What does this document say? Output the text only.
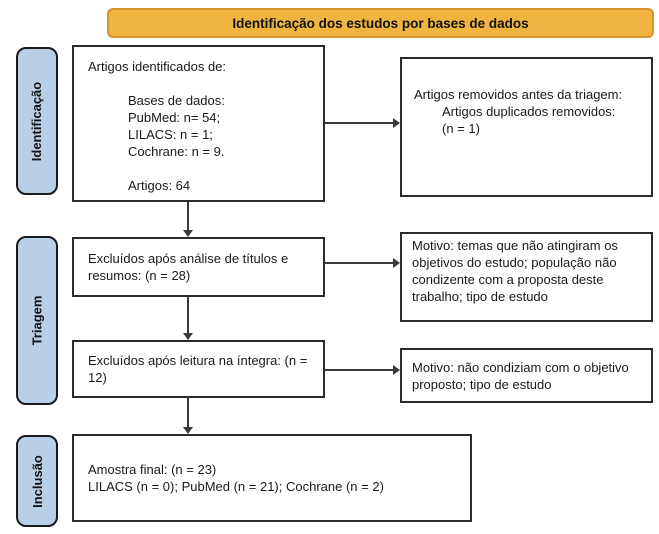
Identificação dos estudos por bases de dados
Identificação
Triagem
Inclusão
Artigos identificados de:
Bases de dados:
PubMed: n= 54;
LILACS: n = 1;
Cochrane: n = 9.
Artigos: 64
Artigos removidos antes da triagem:
Artigos duplicados removidos:
(n = 1)
Excluídos após análise de títulos e resumos: (n = 28)
Motivo: temas que não atingiram os objetivos do estudo; população não condizente com a proposta deste trabalho; tipo de estudo
Excluídos após leitura na íntegra: (n = 12)
Motivo: não condiziam com o objetivo proposto; tipo de estudo
Amostra final: (n = 23)
LILACS (n = 0); PubMed (n = 21); Cochrane (n = 2)
